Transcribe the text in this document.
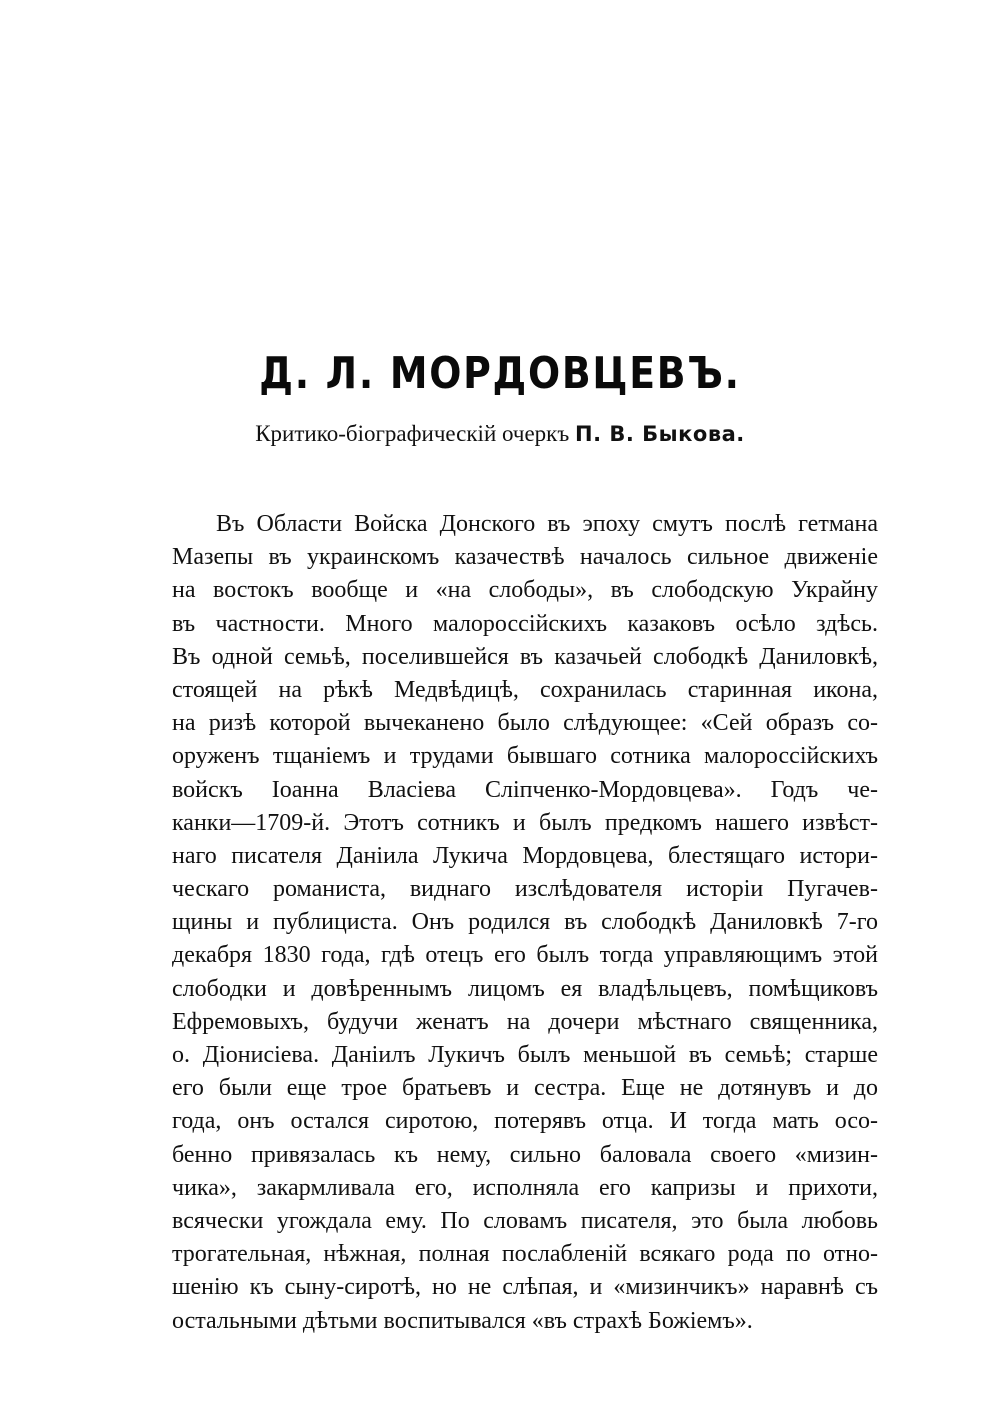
Д. Л. МОРДОВЦЕВЪ.
Критико-біографическій очеркъ П. В. Быкова.
Въ Области Войска Донского въ эпоху смутъ послѣ гетмана
Мазепы въ украинскомъ казачествѣ началось сильное движеніе
на востокъ вообще и «на слободы», въ слободскую Украйну
въ частности. Много малороссійскихъ казаковъ осѣло здѣсь.
Въ одной семьѣ, поселившейся въ казачьей слободкѣ Даниловкѣ,
стоящей на рѣкѣ Медвѣдицѣ, сохранилась старинная икона,
на ризѣ которой вычеканено было слѣдующее: «Сей образъ со-
оруженъ тщаніемъ и трудами бывшаго сотника малороссійскихъ
войскъ Іоанна Власіева Сліпченко-Мордовцева». Годъ че-
канки—1709-й. Этотъ сотникъ и былъ предкомъ нашего извѣст-
наго писателя Даніила Лукича Мордовцева, блестящаго истори-
ческаго романиста, виднаго изслѣдователя исторіи Пугачев-
щины и публициста. Онъ родился въ слободкѣ Даниловкѣ 7-го
декабря 1830 года, гдѣ отецъ его былъ тогда управляющимъ этой
слободки и довѣреннымъ лицомъ ея владѣльцевъ, помѣщиковъ
Ефремовыхъ, будучи женатъ на дочери мѣстнаго священника,
о. Діонисіева. Даніилъ Лукичъ былъ меньшой въ семьѣ; старше
его были еще трое братьевъ и сестра. Еще не дотянувъ и до
года, онъ остался сиротою, потерявъ отца. И тогда мать осо-
бенно привязалась къ нему, сильно баловала своего «мизин-
чика», закармливала его, исполняла его капризы и прихоти,
всячески угождала ему. По словамъ писателя, это была любовь
трогательная, нѣжная, полная послабленій всякаго рода по отно-
шенію къ сыну-сиротѣ, но не слѣпая, и «мизинчикъ» наравнѣ съ
остальными дѣтьми воспитывался «въ страхѣ Божіемъ».
